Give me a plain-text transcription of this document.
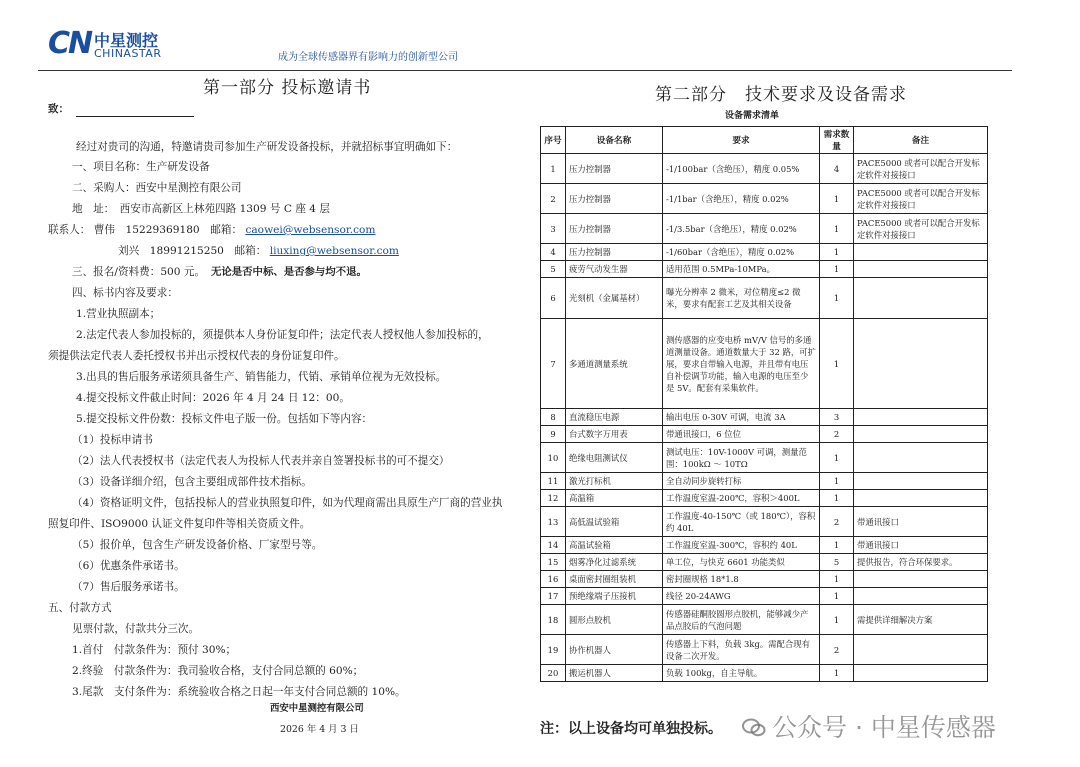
CN 中星测控
CHINASTAR	成为全球传感器界有影响力的创新型公司
第一部分 投标邀请书
致：
经过对贵司的沟通，特邀请贵司参加生产研发设备投标，并就招标事宜明确如下：
一、项目名称：生产研发设备
二、采购人：西安中星测控有限公司
地　址：　西安市高新区上林苑四路 1309 号 C 座 4 层
三、报名/资料费：500 元。
四、标书内容及要求：
1.营业执照副本；
2.法定代表人参加投标的，须提供本人身份证复印件；法定代表人授权他人参加投标的，
须提供法定代表人委托授权书并出示授权代表的身份证复印件。
3.出具的售后服务承诺须具备生产、销售能力，代销、承销单位视为无效投标。
4.提交投标文件截止时间：2026 年 4 月 24 日 12：00。
5.提交投标文件份数：投标文件电子版一份。包括如下等内容：
（1）投标申请书
（2）法人代表授权书（法定代表人为投标人代表并亲自签署投标书的可不提交）
（3）设备详细介绍，包含主要组成部件技术指标。
（4）资格证明文件，包括投标人的营业执照复印件，如为代理商需出具原生产厂商的营业执
照复印件、ISO9000 认证文件复印件等相关资质文件。
（5）报价单，包含生产研发设备价格、厂家型号等。
（6）优惠条件承诺书。
（7）售后服务承诺书。
五、付款方式
见票付款，付款共分三次。
1.首付　付款条件为：预付 30%；
2.终验　付款条件为：我司验收合格，支付合同总额的 60%；
3.尾款　支付条件为：系统验收合格之日起一年支付合同总额的 10%。
联系人： 曹伟　 15229369180　 邮箱： caowei@websensor.com
刘兴　 18991215250　 邮箱： liuxing@websensor.com
无论是否中标、是否参与均不退。
西安中星测控有限公司
2026 年 4 月 3 日
第二部分　技术要求及设备需求
设备需求清单
序号	设备名称	要求	需求数量	备注
1	压力控制器	-1/100bar（含绝压），精度 0.05%	4	PACE5000 或者可以配合开发标定软件对接接口
2	压力控制器	-1/1bar（含绝压），精度 0.02%	1	PACE5000 或者可以配合开发标定软件对接接口
3	压力控制器	-1/3.5bar（含绝压），精度 0.02%	1	PACE5000 或者可以配合开发标定软件对接接口
4	压力控制器	-1/60bar（含绝压），精度 0.02%	1	
5	疲劳气动发生器	适用范围 0.5MPa-10MPa。	1	
6	光刻机（金属基材）	曝光分辨率 2 微米，对位精度≤2 微米，要求有配套工艺及其相关设备	1	
7	多通道测量系统	测传感器的应变电桥 mV/V 信号的多通道测量设备。通道数量大于 32 路，可扩展，要求自带输入电源，并且带有电压自补偿调节功能，输入电源的电压至少是 5V。配套有采集软件。	1	
8	直流稳压电源	输出电压 0-30V 可调，电流 3A	3	
9	台式数字万用表	带通讯接口，6 位位	2	
10	绝缘电阻测试仪	测试电压：10V-1000V 可调，测量范围：100kΩ ～ 10TΩ	1	
11	激光打标机	全自动同步旋转打标	1	
12	高温箱	工作温度室温-200℃，容积＞400L	1	
13	高低温试验箱	工作温度-40-150℃（或 180℃），容积约 40L	2	带通讯接口
14	高温试验箱	工作温度室温-300℃，容积约 40L	1	带通讯接口
15	烟雾净化过滤系统	单工位，与快克 6601 功能类似	5	提供报告，符合环保要求。
16	桌面密封圈组装机	密封圈规格 18*1.8	1	
17	预绝缘端子压接机	线径 20-24AWG	1	
18	圆形点胶机	传感器硅酮胶圆形点胶机，能够减少产品点胶后的气泡问题	1	需提供详细解决方案
19	协作机器人	传感器上下料，负载 3kg。需配合现有设备二次开发。	2	
20	搬运机器人	负载 100kg，自主导航。	1	
注：以上设备均可单独投标。	公众号 · 中星传感器
